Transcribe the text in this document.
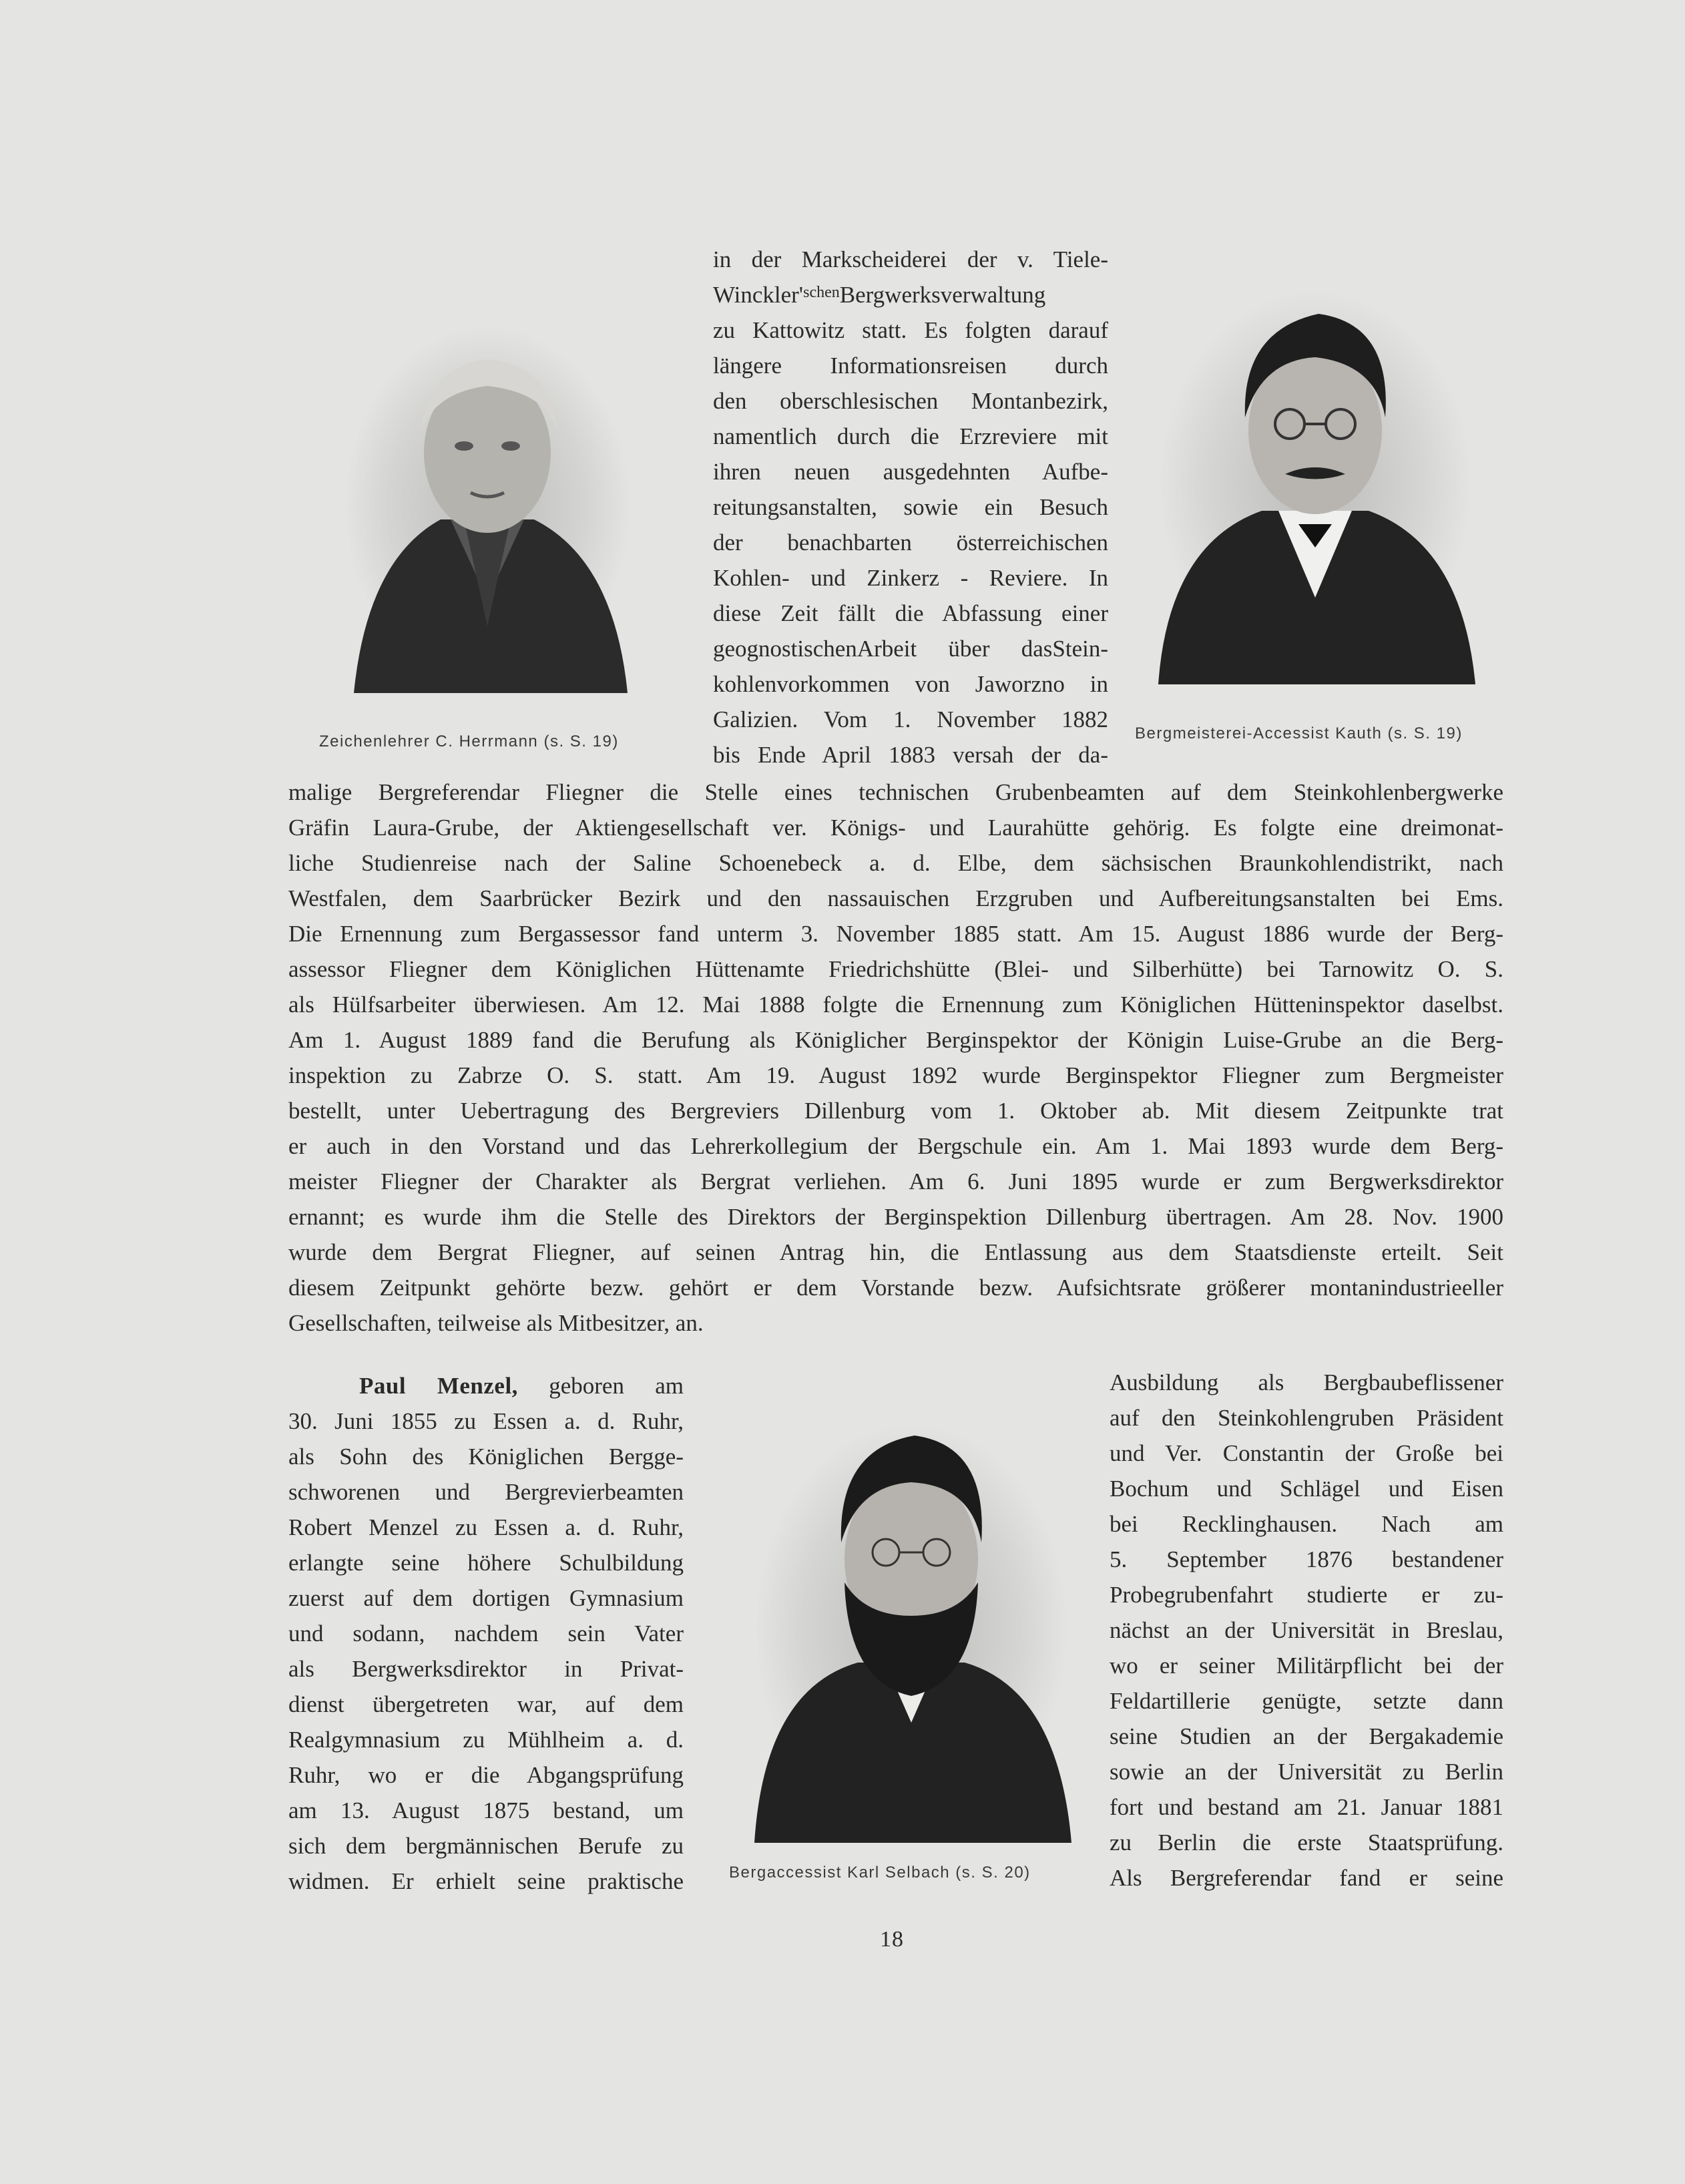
Zeichenlehrer C. Herrmann (s. S. 19)	Bergmeisterei-Accessist Kauth (s. S. 19)
Bergaccessist Karl Selbach (s. S. 20)
in der Markscheiderei der v. Tiele-
$Winckler'^{schen}Bergwerksverwaltung$
zu Kattowitz statt. Es folgten darauf
längere Informationsreisen durch
den oberschlesischen Montanbezirk,
namentlich durch die Erzreviere mit
ihren neuen ausgedehnten Aufbe-
reitungsanstalten, sowie ein Besuch
der benachbarten österreichischen
Kohlen- und Zinkerz - Reviere. In
diese Zeit fällt die Abfassung einer
geognostischenArbeit über dasStein-
kohlenvorkommen von Jaworzno in
Galizien. Vom 1. November 1882
bis Ende April 1883 versah der da-
malige Bergreferendar Fliegner die Stelle eines technischen Grubenbeamten auf dem Steinkohlenbergwerke
Gräfin Laura-Grube, der Aktiengesellschaft ver. Königs- und Laurahütte gehörig. Es folgte eine dreimonat-
liche Studienreise nach der Saline Schoenebeck a. d. Elbe, dem sächsischen Braunkohlendistrikt, nach
Westfalen, dem Saarbrücker Bezirk und den nassauischen Erzgruben und Aufbereitungsanstalten bei Ems.
Die Ernennung zum Bergassessor fand unterm 3. November 1885 statt. Am 15. August 1886 wurde der Berg-
assessor Fliegner dem Königlichen Hüttenamte Friedrichshütte (Blei- und Silberhütte) bei Tarnowitz O. S.
als Hülfsarbeiter überwiesen. Am 12. Mai 1888 folgte die Ernennung zum Königlichen Hütteninspektor daselbst.
Am 1. August 1889 fand die Berufung als Königlicher Berginspektor der Königin Luise-Grube an die Berg-
inspektion zu Zabrze O. S. statt. Am 19. August 1892 wurde Berginspektor Fliegner zum Bergmeister
bestellt, unter Uebertragung des Bergreviers Dillenburg vom 1. Oktober ab. Mit diesem Zeitpunkte trat
er auch in den Vorstand und das Lehrerkollegium der Bergschule ein. Am 1. Mai 1893 wurde dem Berg-
meister Fliegner der Charakter als Bergrat verliehen. Am 6. Juni 1895 wurde er zum Bergwerksdirektor
ernannt; es wurde ihm die Stelle des Direktors der Berginspektion Dillenburg übertragen. Am 28. Nov. 1900
wurde dem Bergrat Fliegner, auf seinen Antrag hin, die Entlassung aus dem Staatsdienste erteilt. Seit
diesem Zeitpunkt gehörte bezw. gehört er dem Vorstande bezw. Aufsichtsrate größerer montanindustrieeller
Gesellschaften, teilweise als Mitbesitzer, an.
Paul Menzel, geboren am
30. Juni 1855 zu Essen a. d. Ruhr,
als Sohn des Königlichen Bergge-
schworenen und Bergrevierbeamten
Robert Menzel zu Essen a. d. Ruhr,
erlangte seine höhere Schulbildung
zuerst auf dem dortigen Gymnasium
und sodann, nachdem sein Vater
als Bergwerksdirektor in Privat-
dienst übergetreten war, auf dem
Realgymnasium zu Mühlheim a. d.
Ruhr, wo er die Abgangsprüfung
am 13. August 1875 bestand, um
sich dem bergmännischen Berufe zu
widmen. Er erhielt seine praktische
Ausbildung als Bergbaubeflissener
auf den Steinkohlengruben Präsident
und Ver. Constantin der Große bei
Bochum und Schlägel und Eisen
bei Recklinghausen. Nach am
5. September 1876 bestandener
Probegrubenfahrt studierte er zu-
nächst an der Universität in Breslau,
wo er seiner Militärpflicht bei der
Feldartillerie genügte, setzte dann
seine Studien an der Bergakademie
sowie an der Universität zu Berlin
fort und bestand am 21. Januar 1881
zu Berlin die erste Staatsprüfung.
Als Bergreferendar fand er seine
18
